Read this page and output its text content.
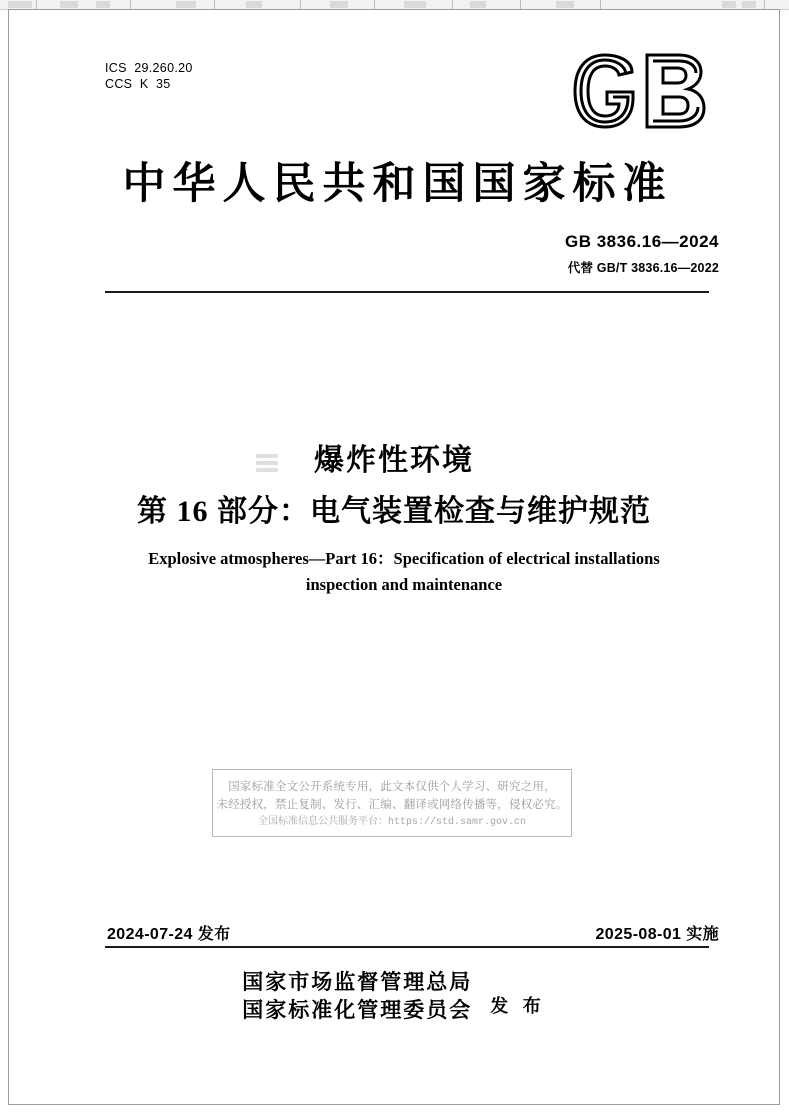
ICS  29.260.20
CCS  K  35
中华人民共和国国家标准
GB 3836.16—2024
代替 GB/T 3836.16—2022
爆炸性环境
第 16 部分：电气装置检查与维护规范
Explosive atmospheres—Part 16：Specification of electrical installations
inspection and maintenance
国家标准全文公开系统专用，此文本仅供个人学习、研究之用，
未经授权，禁止复制、发行、汇编、翻译或网络传播等，侵权必究。
全国标准信息公共服务平台：https://std.samr.gov.cn
2024-07-24 发布	2025-08-01 实施
国家市场监督管理总局
国家标准化管理委员会 发 布
